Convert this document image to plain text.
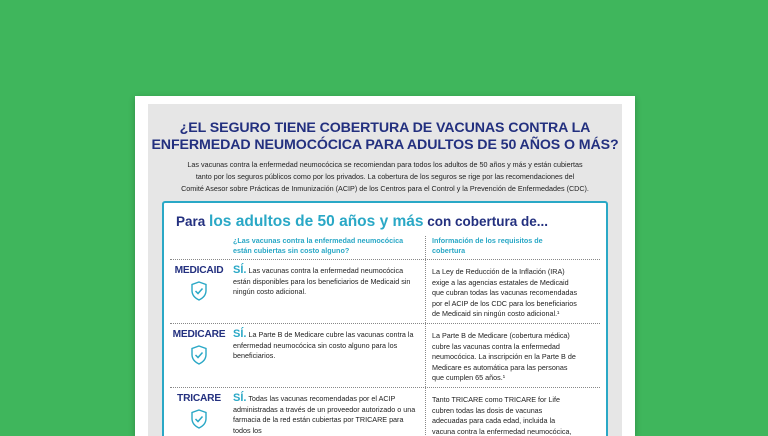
¿EL SEGURO TIENE COBERTURA DE VACUNAS CONTRA LA
ENFERMEDAD NEUMOCÓCICA PARA ADULTOS DE 50 AÑOS O MÁS?
Las vacunas contra la enfermedad neumocócica se recomiendan para todos los adultos de 50 años y más y están cubiertas
tanto por los seguros públicos como por los privados. La cobertura de los seguros se rige por las recomendaciones del
Comité Asesor sobre Prácticas de Inmunización (ACIP) de los Centros para el Control y la Prevención de Enfermedades (CDC).
Para los adultos de 50 años y más con cobertura de...
¿Las vacunas contra la enfermedad neumocócica están cubiertas sin costo alguno?
Información de los requisitos de cobertura
MEDICAID SÍ. Las vacunas contra la enfermedad neumocócica están disponibles para los beneficiarios de Medicaid sin ningún costo adicional.
La Ley de Reducción de la Inflación (IRA) exige a las agencias estatales de Medicaid que cubran todas las vacunas recomendadas por el ACIP de los CDC para los beneficiarios de Medicaid sin ningún costo adicional.¹
MEDICARE SÍ. La Parte B de Medicare cubre las vacunas contra la enfermedad neumocócica sin costo alguno para los beneficiarios.
La Parte B de Medicare (cobertura médica) cubre las vacunas contra la enfermedad neumocócica. La inscripción en la Parte B de Medicare es automática para las personas que cumplen 65 años.¹
TRICARE	SÍ. Todas las vacunas recomendadas por el ACIP administradas a través de un proveedor autorizado o una farmacia de la red están cubiertas por TRICARE para todos los
Tanto TRICARE como TRICARE for Life cubren todas las dosis de vacunas adecuadas para cada edad, incluida la vacuna contra la enfermedad neumocócica,
